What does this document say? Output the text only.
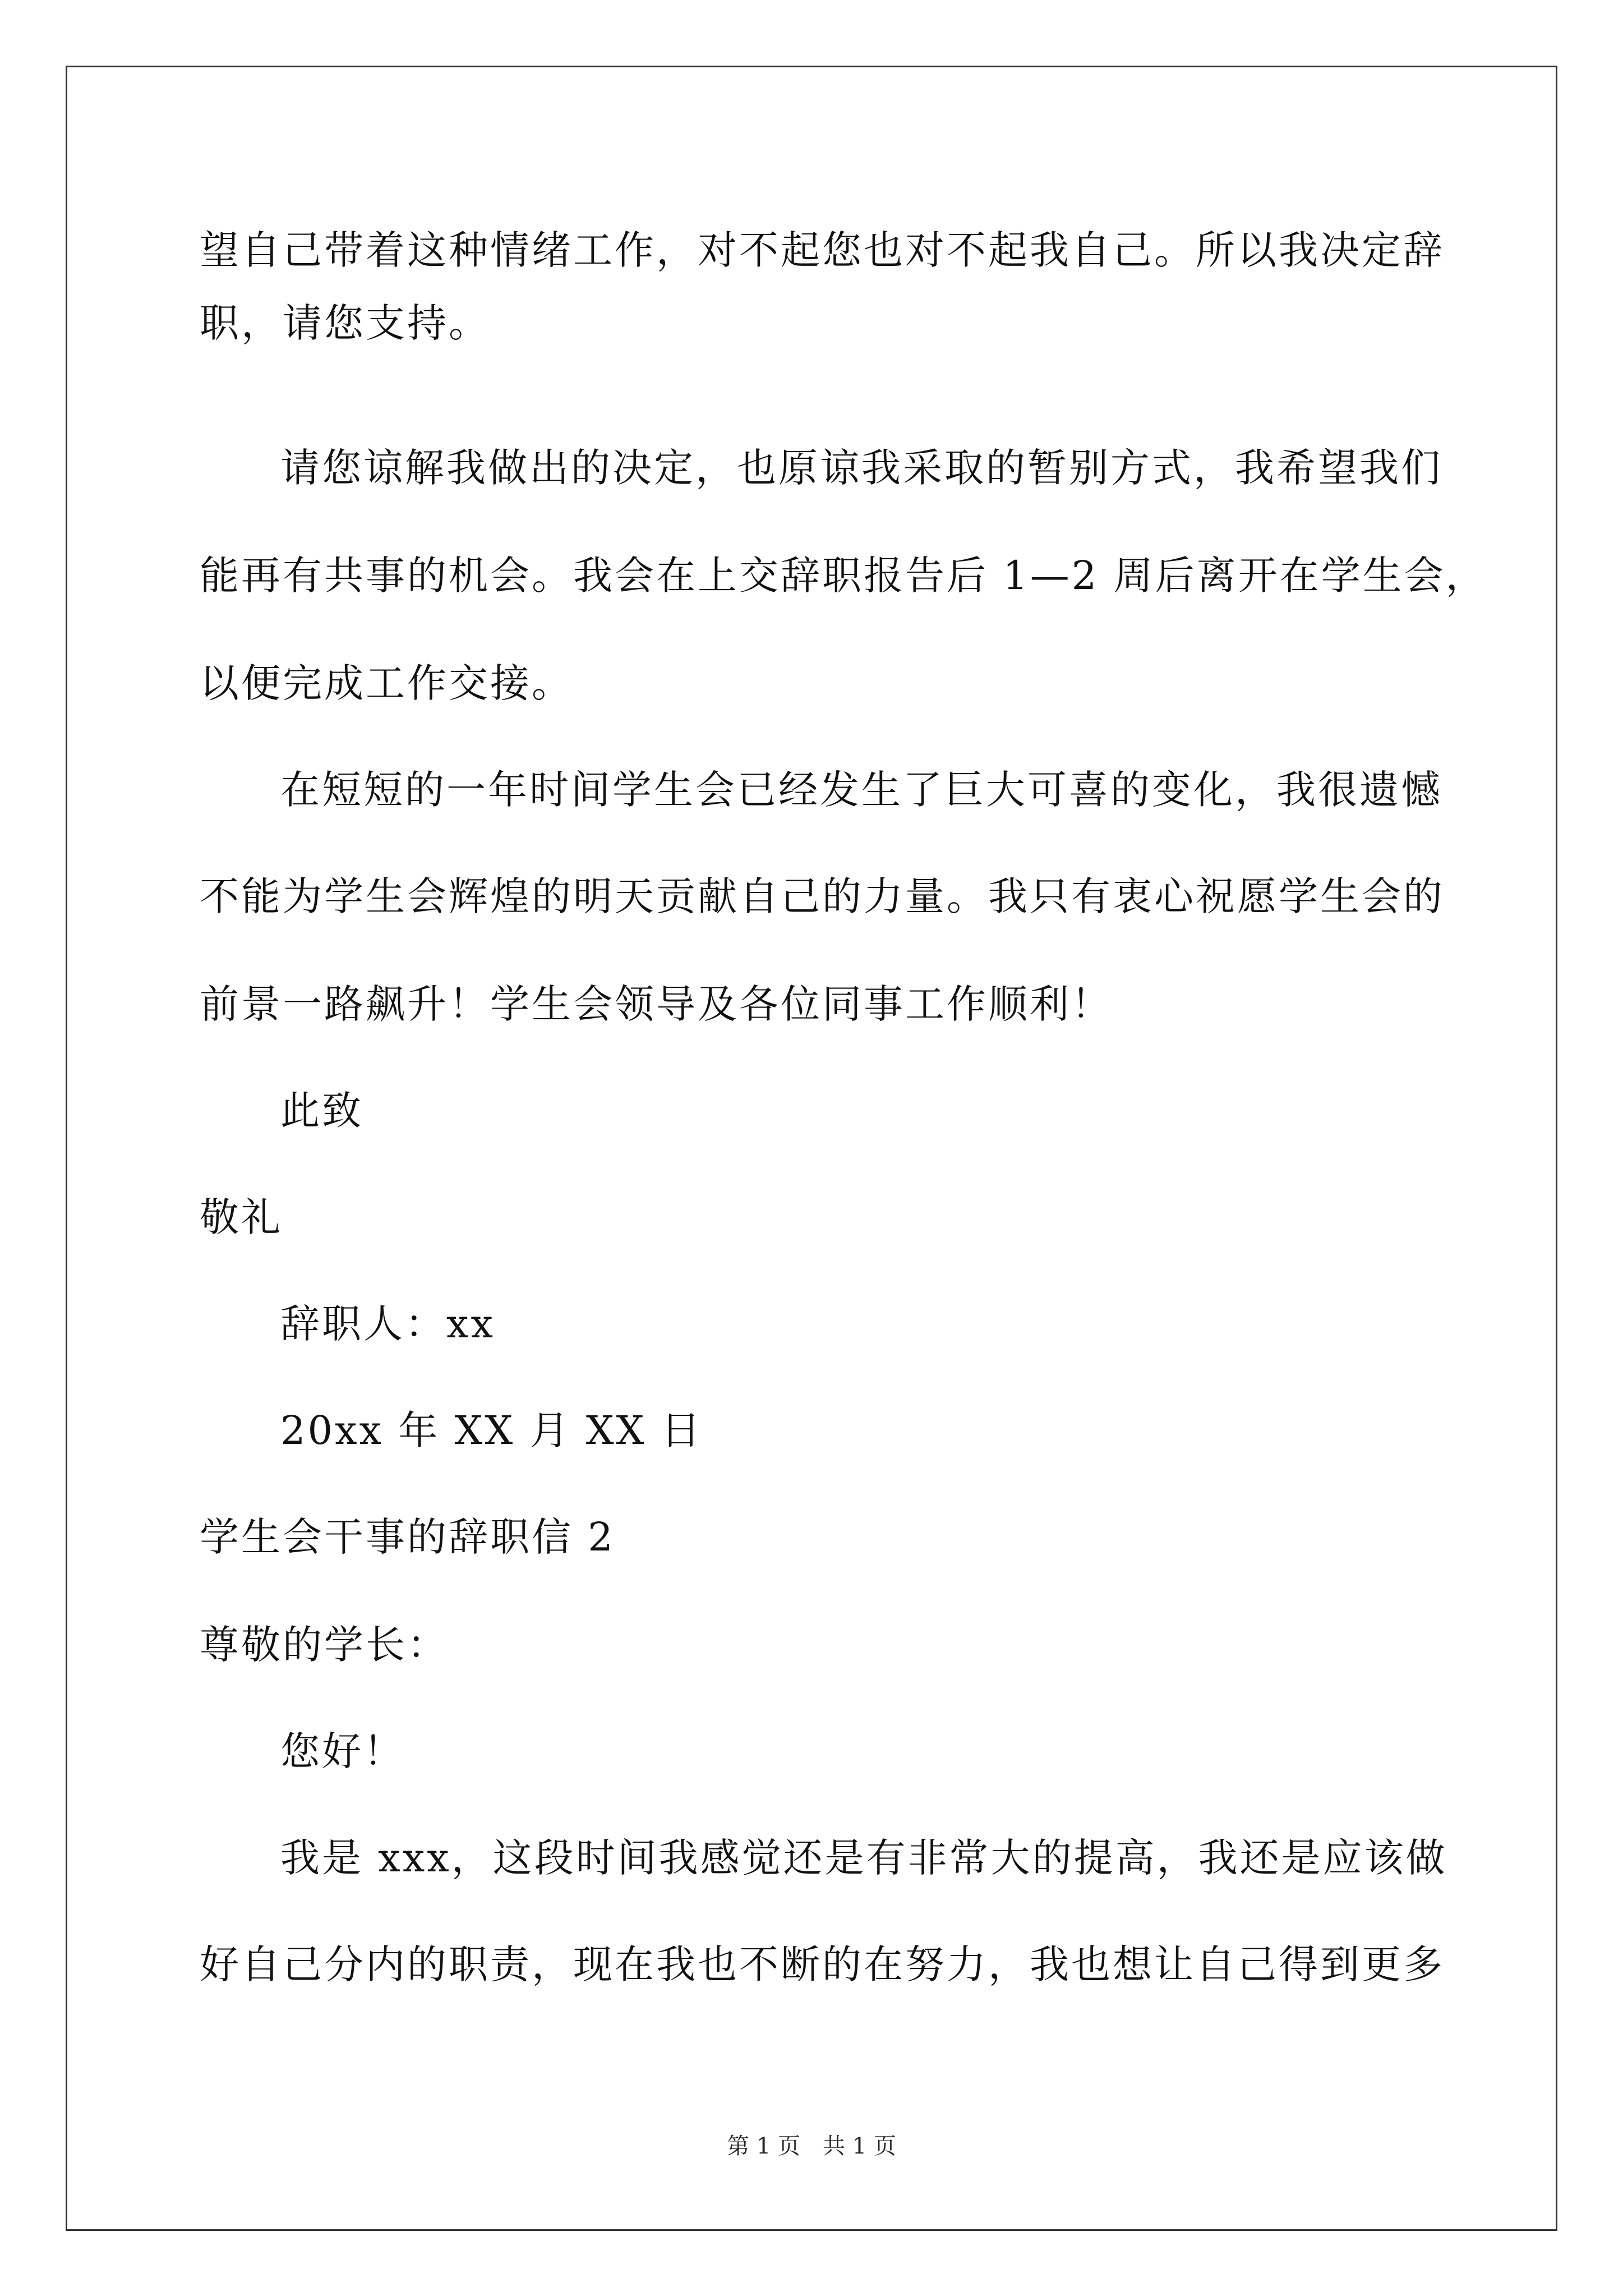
望自己带着这种情绪工作，对不起您也对不起我自己。所以我决定辞
职，请您支持。
请您谅解我做出的决定，也原谅我采取的暂别方式，我希望我们
能再有共事的机会。我会在上交辞职报告后 1—2 周后离开在学生会，
以便完成工作交接。
在短短的一年时间学生会已经发生了巨大可喜的变化，我很遗憾
不能为学生会辉煌的明天贡献自己的力量。我只有衷心祝愿学生会的
前景一路飙升！学生会领导及各位同事工作顺利！
此致
敬礼
辞职人：xx
20xx 年 XX 月 XX 日
学生会干事的辞职信 2
尊敬的学长：
您好！
我是 xxx，这段时间我感觉还是有非常大的提高，我还是应该做
好自己分内的职责，现在我也不断的在努力，我也想让自己得到更多
第 1 页　共 1 页
